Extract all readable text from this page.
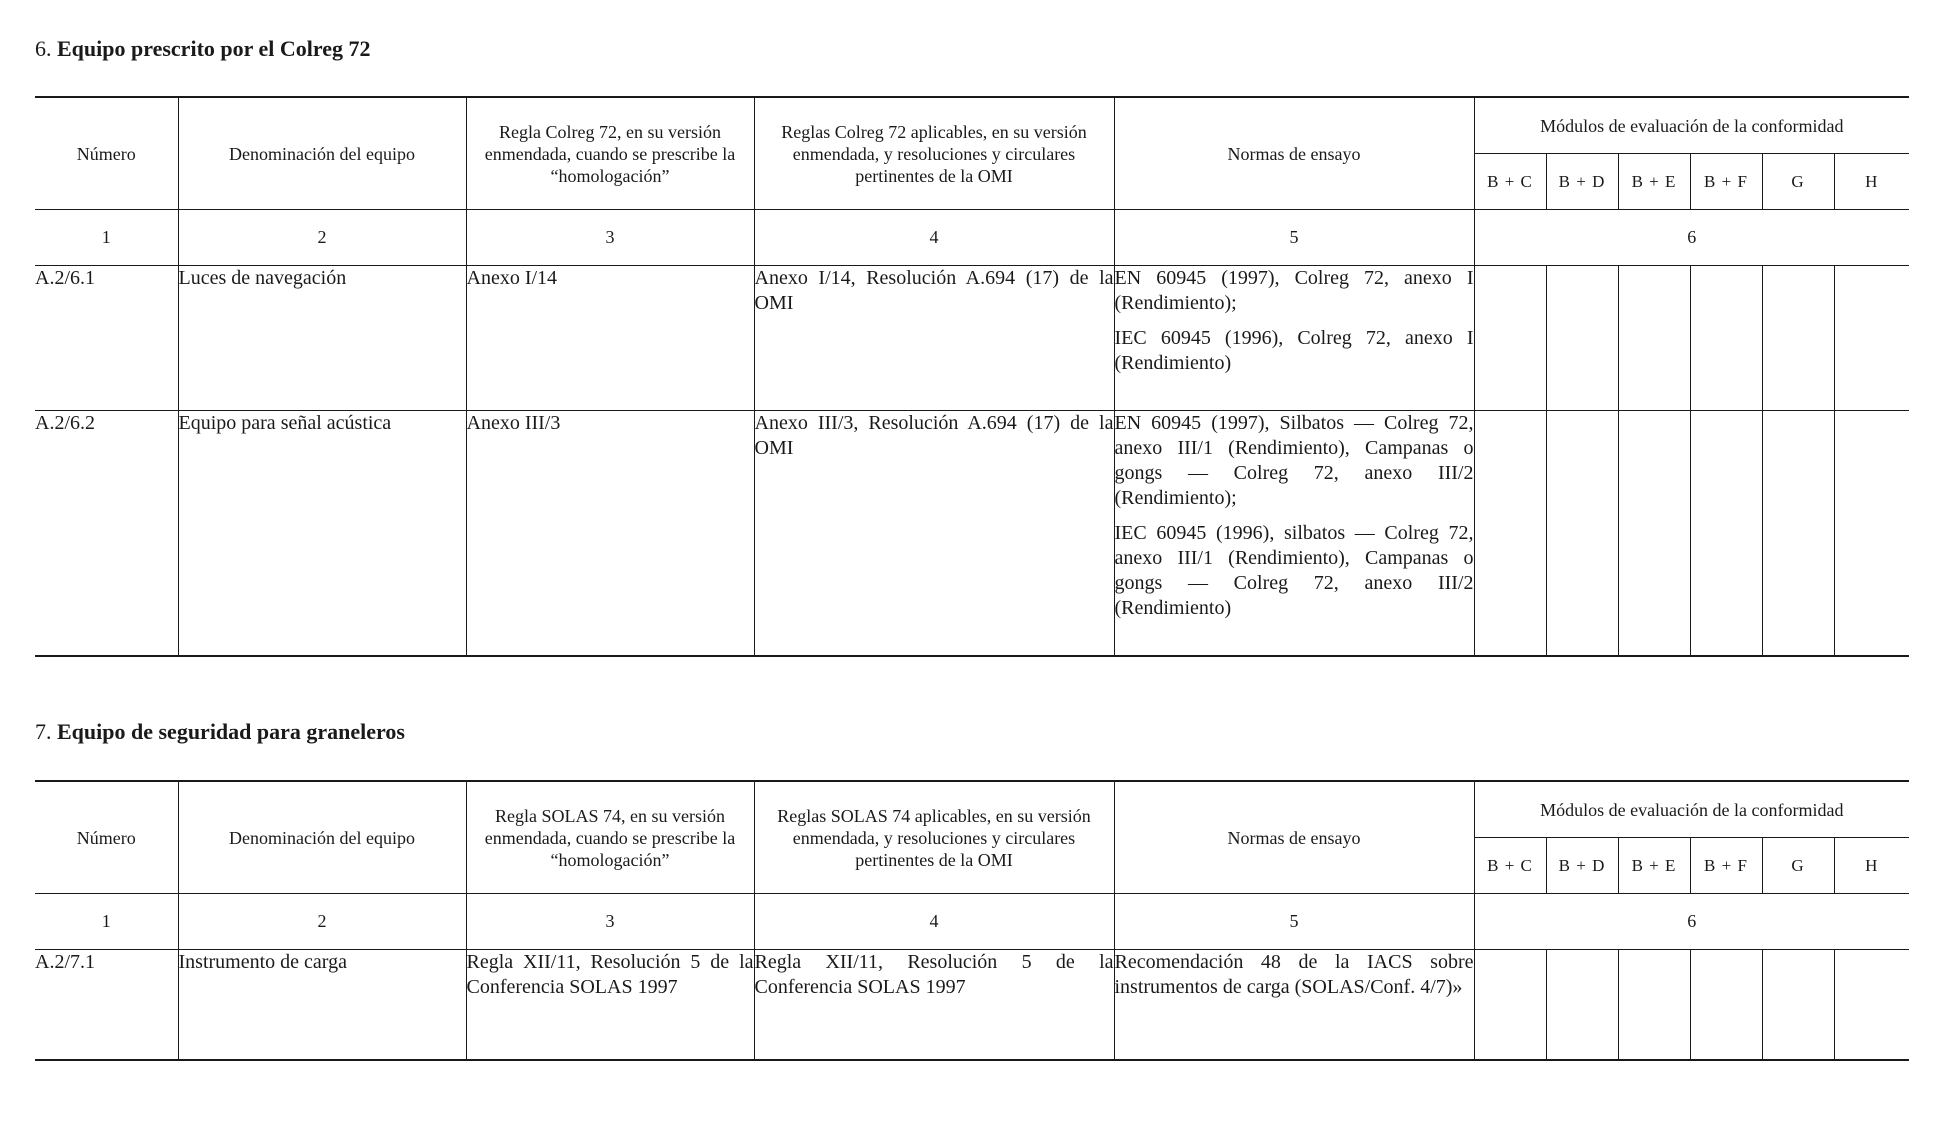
6. Equipo prescrito por el Colreg 72
Número	Denominación del equipo	Regla Colreg 72, en su versión enmendada, cuando se prescribe la “homologación”	Reglas Colreg 72 aplicables, en su versión enmendada, y resoluciones y circulares pertinentes de la OMI	Normas de ensayo	Módulos de evaluación de la conformidad					
					B + C	B + D	B + E	B + F	G	H
1	2	3	4	5	6					
A.2/6.1	Luces de navegación	Anexo I/14	Anexo I/14, Resolución A.694 (17) de la OMI	EN 60945 (1997), Colreg 72, anexo I (Rendimiento);

IEC 60945 (1996), Colreg 72, anexo I (Rendimiento)						

A.2/6.2	Equipo para señal acústica	Anexo III/3	Anexo III/3, Resolución A.694 (17) de la OMI	EN 60945 (1997), Silbatos — Colreg 72, anexo III/1 (Rendimiento), Campanas o gongs — Colreg 72, anexo III/2 (Rendimiento);

IEC 60945 (1996), silbatos — Colreg 72, anexo III/1 (Rendimiento), Campanas o gongs — Colreg 72, anexo III/2 (Rendimiento)						

7. Equipo de seguridad para graneleros
Número	Denominación del equipo	Regla SOLAS 74, en su versión enmendada, cuando se prescribe la “homologación”	Reglas SOLAS 74 aplicables, en su versión enmendada, y resoluciones y circulares pertinentes de la OMI	Normas de ensayo	Módulos de evaluación de la conformidad					
					B + C	B + D	B + E	B + F	G	H
1	2	3	4	5	6					
A.2/7.1	Instrumento de carga	Regla XII/11, Resolución 5 de la Conferencia SOLAS 1997	Regla XII/11, Resolución 5 de la Conferencia SOLAS 1997	Recomendación 48 de la IACS sobre instrumentos de carga (SOLAS/Conf. 4/7)»						
